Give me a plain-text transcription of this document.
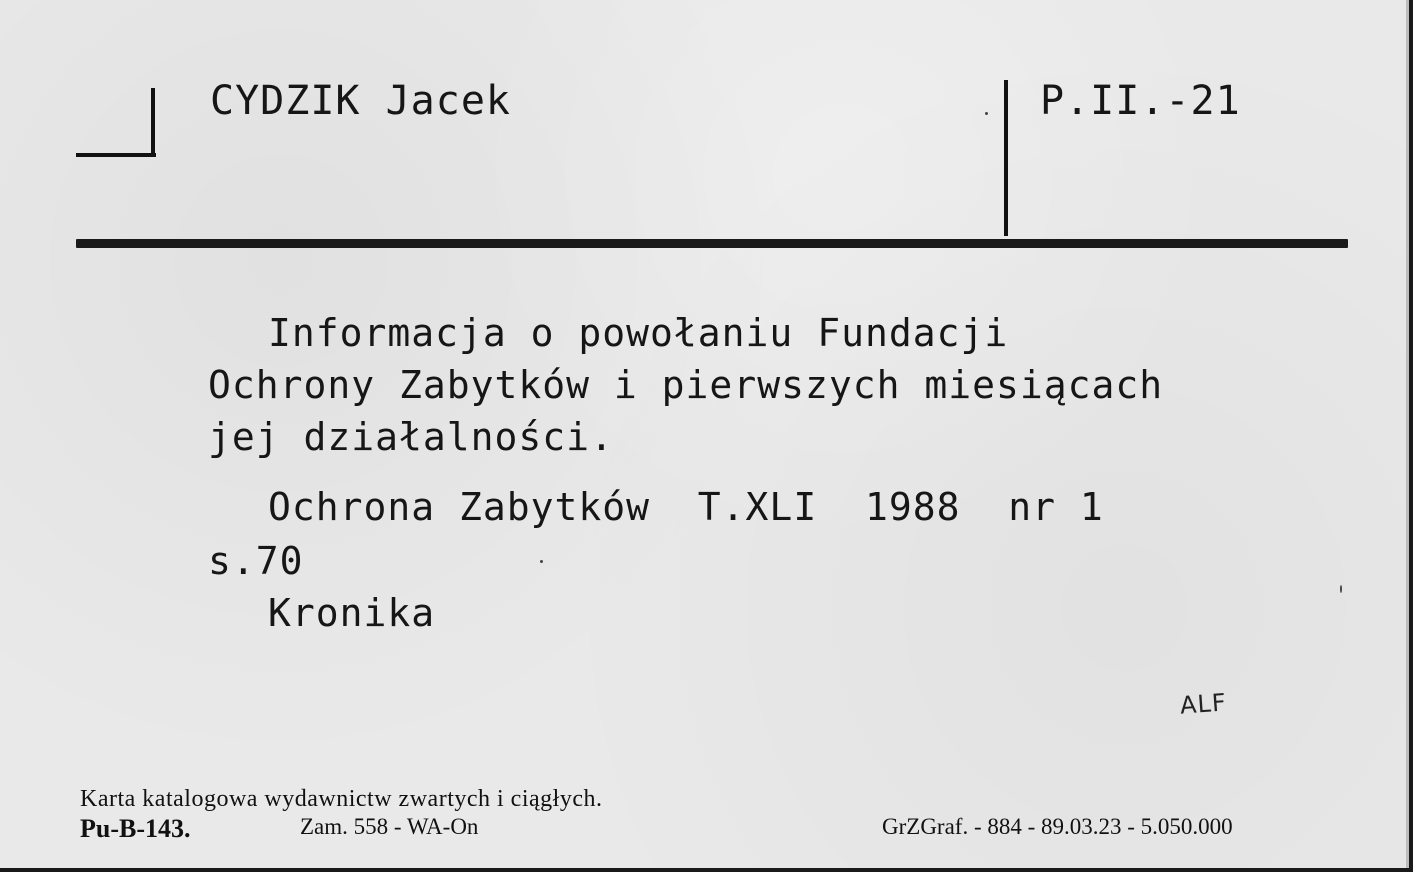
CYDZIK Jacek	P.II.-21
Informacja o powołaniu Fundacji
Ochrony Zabytków i pierwszych miesiącach
jej działalności.
Ochrona Zabytków  T.XLI  1988  nr 1
s.70
Kronika
ALF
Karta katalogowa wydawnictw zwartych i ciągłych.
Pu-B-143.	Zam. 558 - WA-On	GrZGraf. - 884 - 89.03.23 - 5.050.000
